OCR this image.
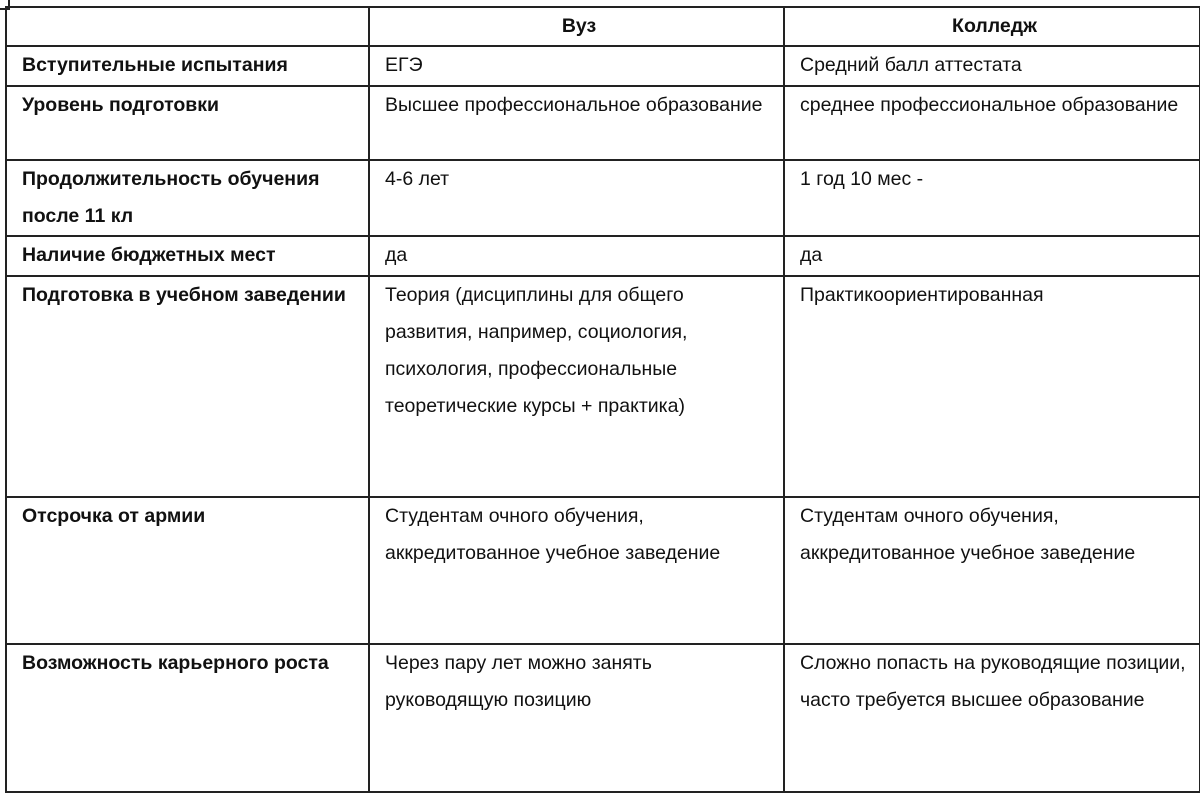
	Вуз	Колледж
Вступительные испытания	ЕГЭ	Средний балл аттестата
Уровень подготовки	Высшее профессиональное образование	среднее профессиональное образование
Продолжительность обучения после 11 кл	4-6 лет	1 год 10 мес -
Наличие бюджетных мест	да	да
Подготовка в учебном заведении	Теория (дисциплины для общего развития, например, социология, психология, профессиональные теоретические курсы + практика)	Практикоориентированная
Отсрочка от армии	Студентам очного обучения, аккредитованное учебное заведение	Студентам очного обучения, аккредитованное учебное заведение
Возможность карьерного роста	Через пару лет можно занять руководящую позицию	Сложно попасть на руководящие позиции, часто требуется высшее образование
